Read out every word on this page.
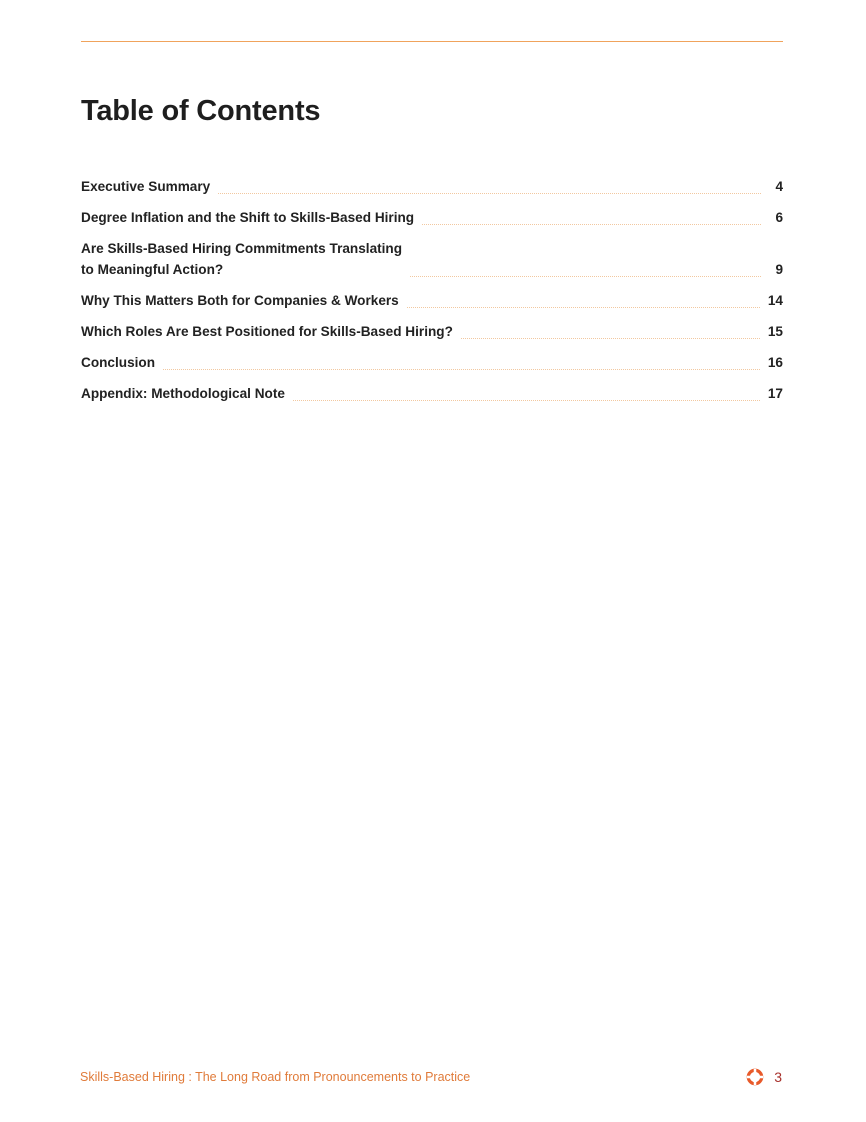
Table of Contents
Executive Summary	4
Degree Inflation and the Shift to Skills-Based Hiring	6
Are Skills-Based Hiring Commitments Translating
to Meaningful Action?	9
Why This Matters Both for Companies & Workers	14
Which Roles Are Best Positioned for Skills-Based Hiring?	15
Conclusion	16
Appendix: Methodological Note	17
Skills-Based Hiring : The Long Road from Pronouncements to Practice	3
